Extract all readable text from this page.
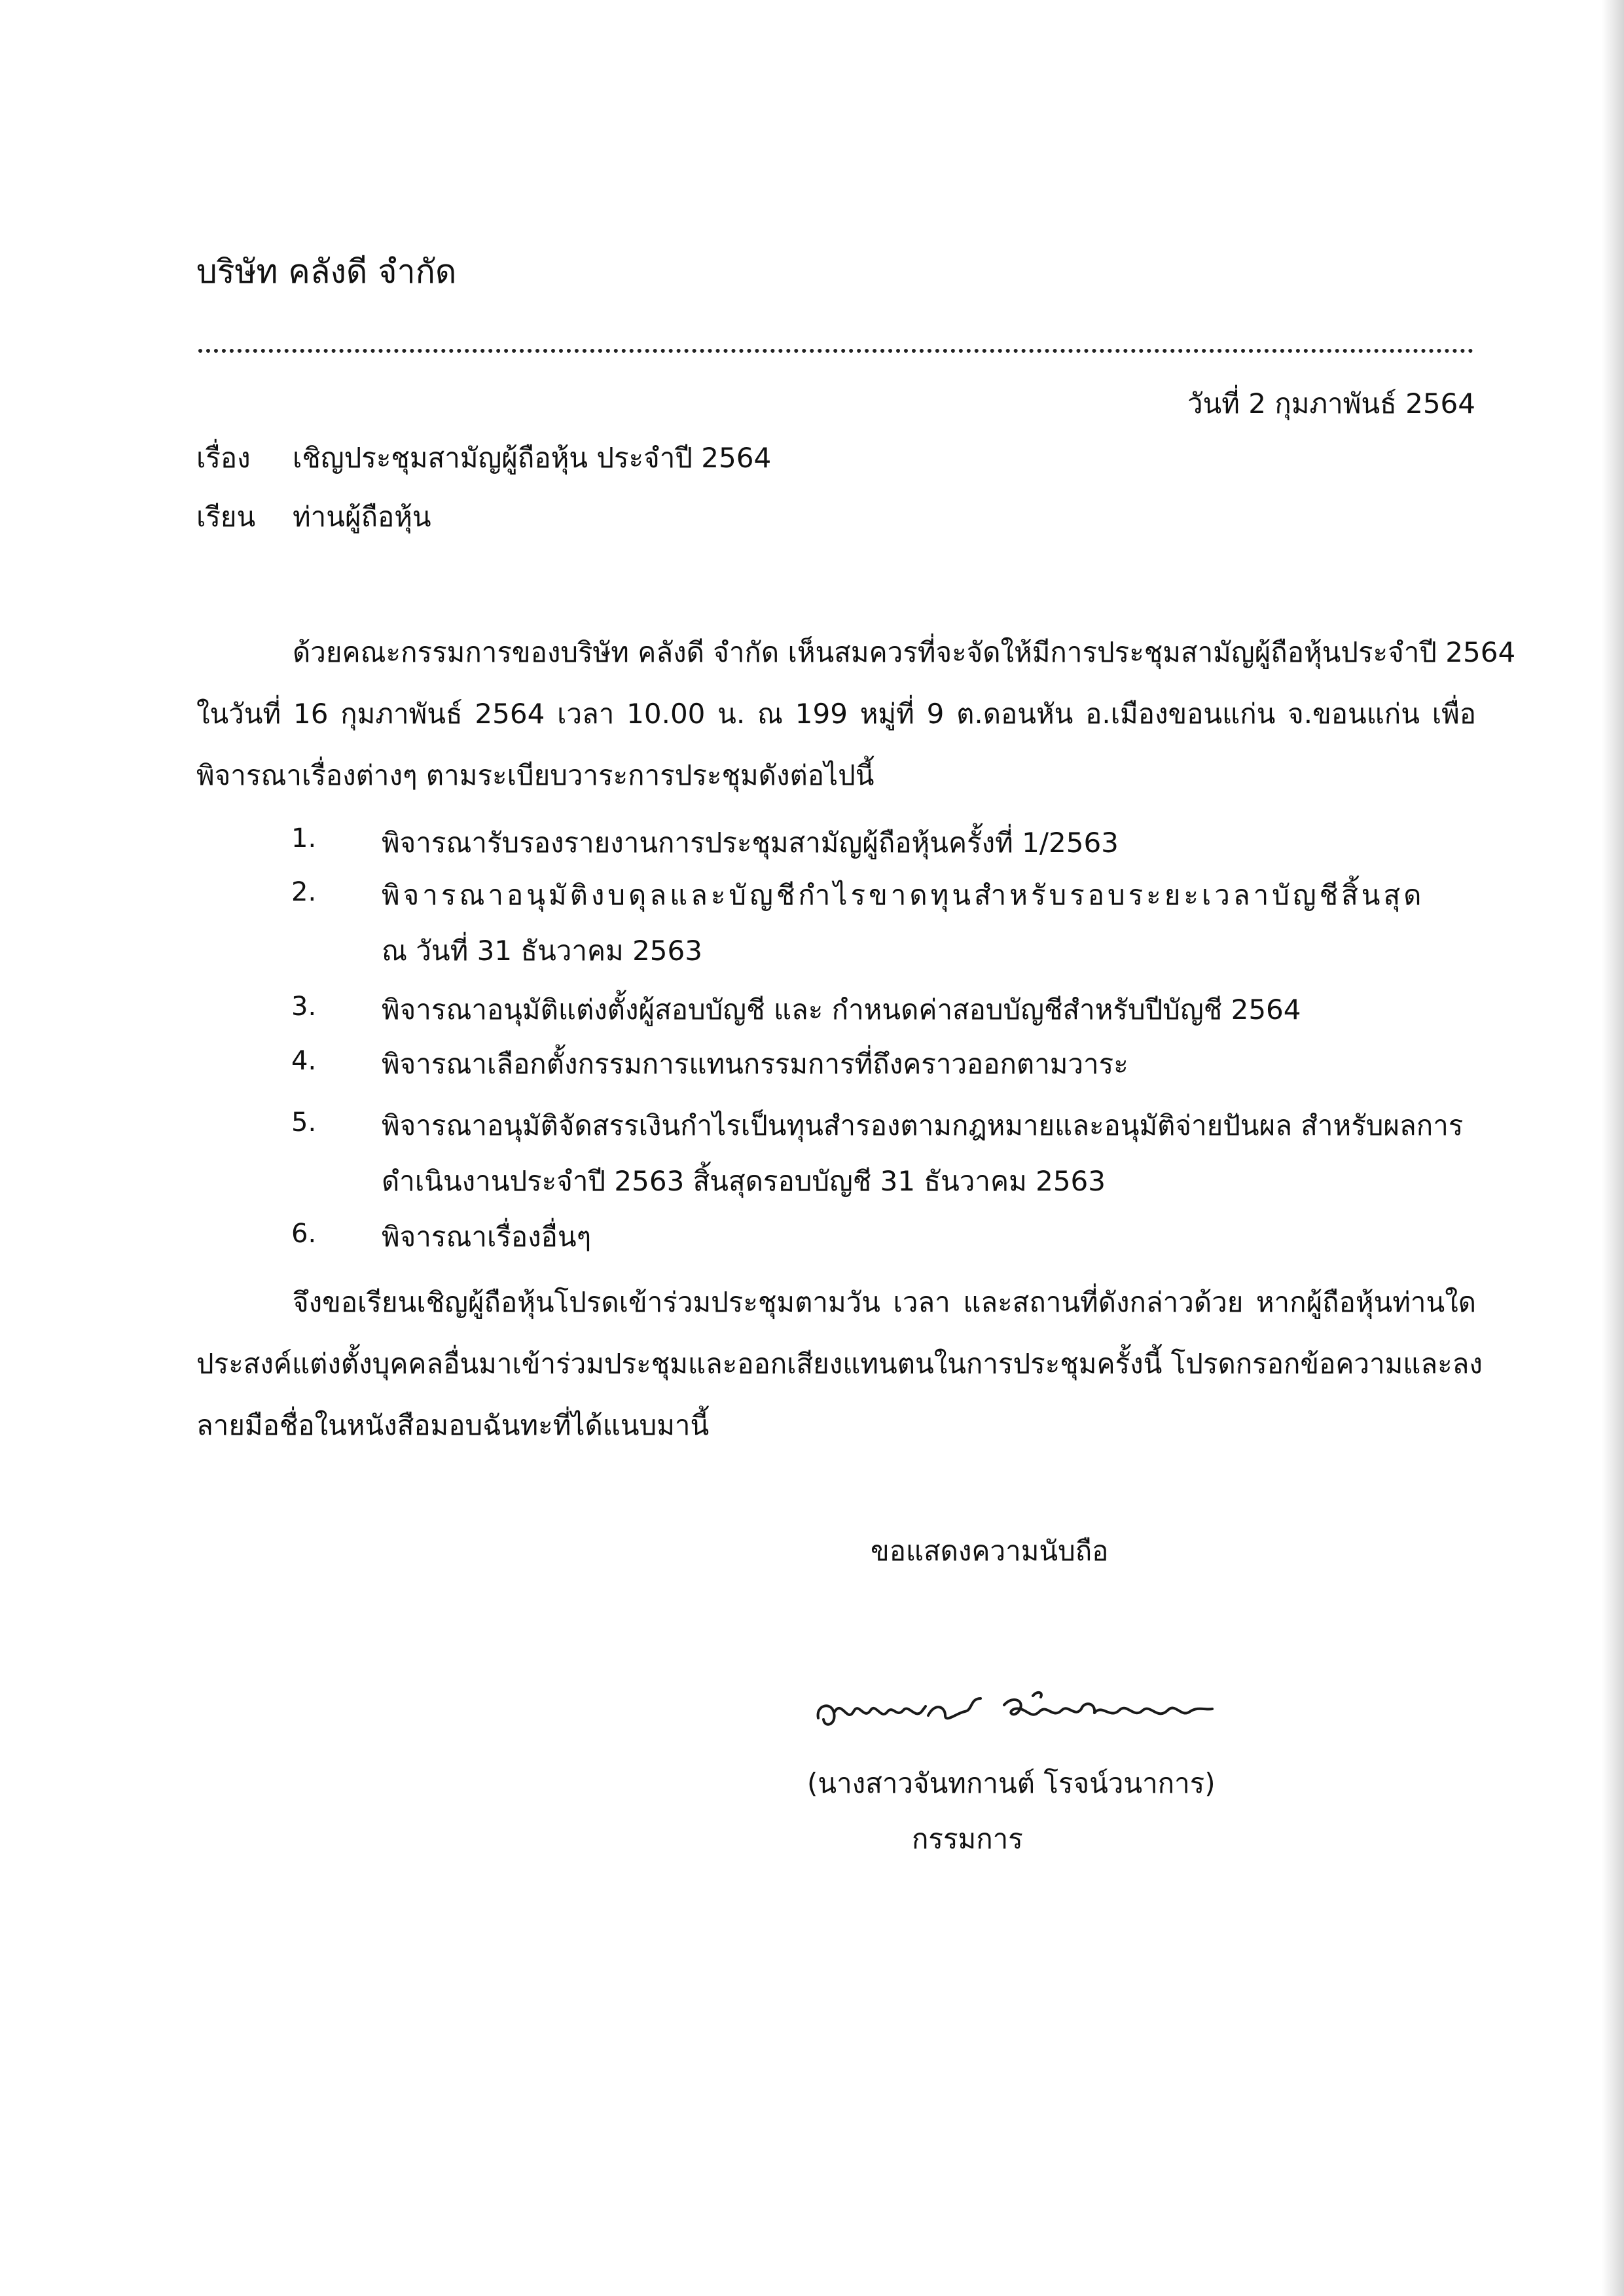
บริษัท คลังดี จำกัด
วันที่ 2 กุมภาพันธ์ 2564
เรื่อง เชิญประชุมสามัญผู้ถือหุ้น ประจำปี 2564
เรียน ท่านผู้ถือหุ้น
ด้วยคณะกรรมการของบริษัท คลังดี จำกัด เห็นสมควรที่จะจัดให้มีการประชุมสามัญผู้ถือหุ้นประจำปี 2564
ในวันที่ 16 กุมภาพันธ์ 2564 เวลา 10.00 น. ณ 199 หมู่ที่ 9 ต.ดอนหัน อ.เมืองขอนแก่น จ.ขอนแก่น เพื่อ
พิจารณาเรื่องต่างๆ ตามระเบียบวาระการประชุมดังต่อไปนี้
1. พิจารณารับรองรายงานการประชุมสามัญผู้ถือหุ้นครั้งที่ 1/2563
2. พิจารณาอนุมัติงบดุลและบัญชีกำไรขาดทุนสำหรับรอบระยะเวลาบัญชีสิ้นสุด
ณ วันที่ 31 ธันวาคม 2563
3. พิจารณาอนุมัติแต่งตั้งผู้สอบบัญชี และ กำหนดค่าสอบบัญชีสำหรับปีบัญชี 2564
4. พิจารณาเลือกตั้งกรรมการแทนกรรมการที่ถึงคราวออกตามวาระ
5. พิจารณาอนุมัติจัดสรรเงินกำไรเป็นทุนสำรองตามกฎหมายและอนุมัติจ่ายปันผล สำหรับผลการ
ดำเนินงานประจำปี 2563 สิ้นสุดรอบบัญชี 31 ธันวาคม 2563
6. พิจารณาเรื่องอื่นๆ
จึงขอเรียนเชิญผู้ถือหุ้นโปรดเข้าร่วมประชุมตามวัน เวลา และสถานที่ดังกล่าวด้วย หากผู้ถือหุ้นท่านใด
ประสงค์แต่งตั้งบุคคลอื่นมาเข้าร่วมประชุมและออกเสียงแทนตนในการประชุมครั้งนี้ โปรดกรอกข้อความและลง
ลายมือชื่อในหนังสือมอบฉันทะที่ได้แนบมานี้
ขอแสดงความนับถือ
(นางสาวจันทกานต์ โรจน์วนาการ)
กรรมการ
